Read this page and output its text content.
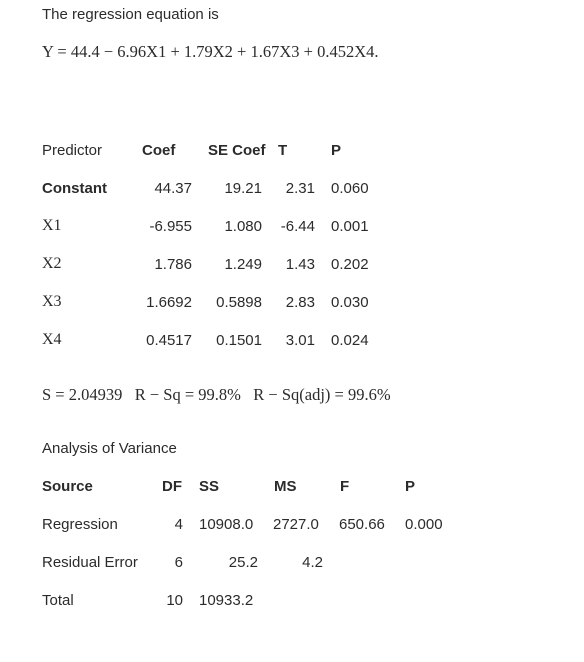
The regression equation is
Y = 44.4 − 6.96X1 + 1.79X2 + 1.67X3 + 0.452X4.
Predictor	Coef SE Coef T	P
Constant	44.37	19.21	2.31 0.060
X1	-6.955	1.080	-6.44 0.001
X2	1.786	1.249	1.43 0.202
X3	1.6692	0.5898	2.83 0.030
X4	0.4517	0.1501	3.01 0.024
S = 2.04939   R − Sq = 99.8%   R − Sq(adj) = 99.6%
Analysis of Variance
Source	DF SS	MS	F	P
Regression	4 10908.0 2727.0 650.66 0.000
Residual Error	6	25.2	4.2
Total	10 10933.2
